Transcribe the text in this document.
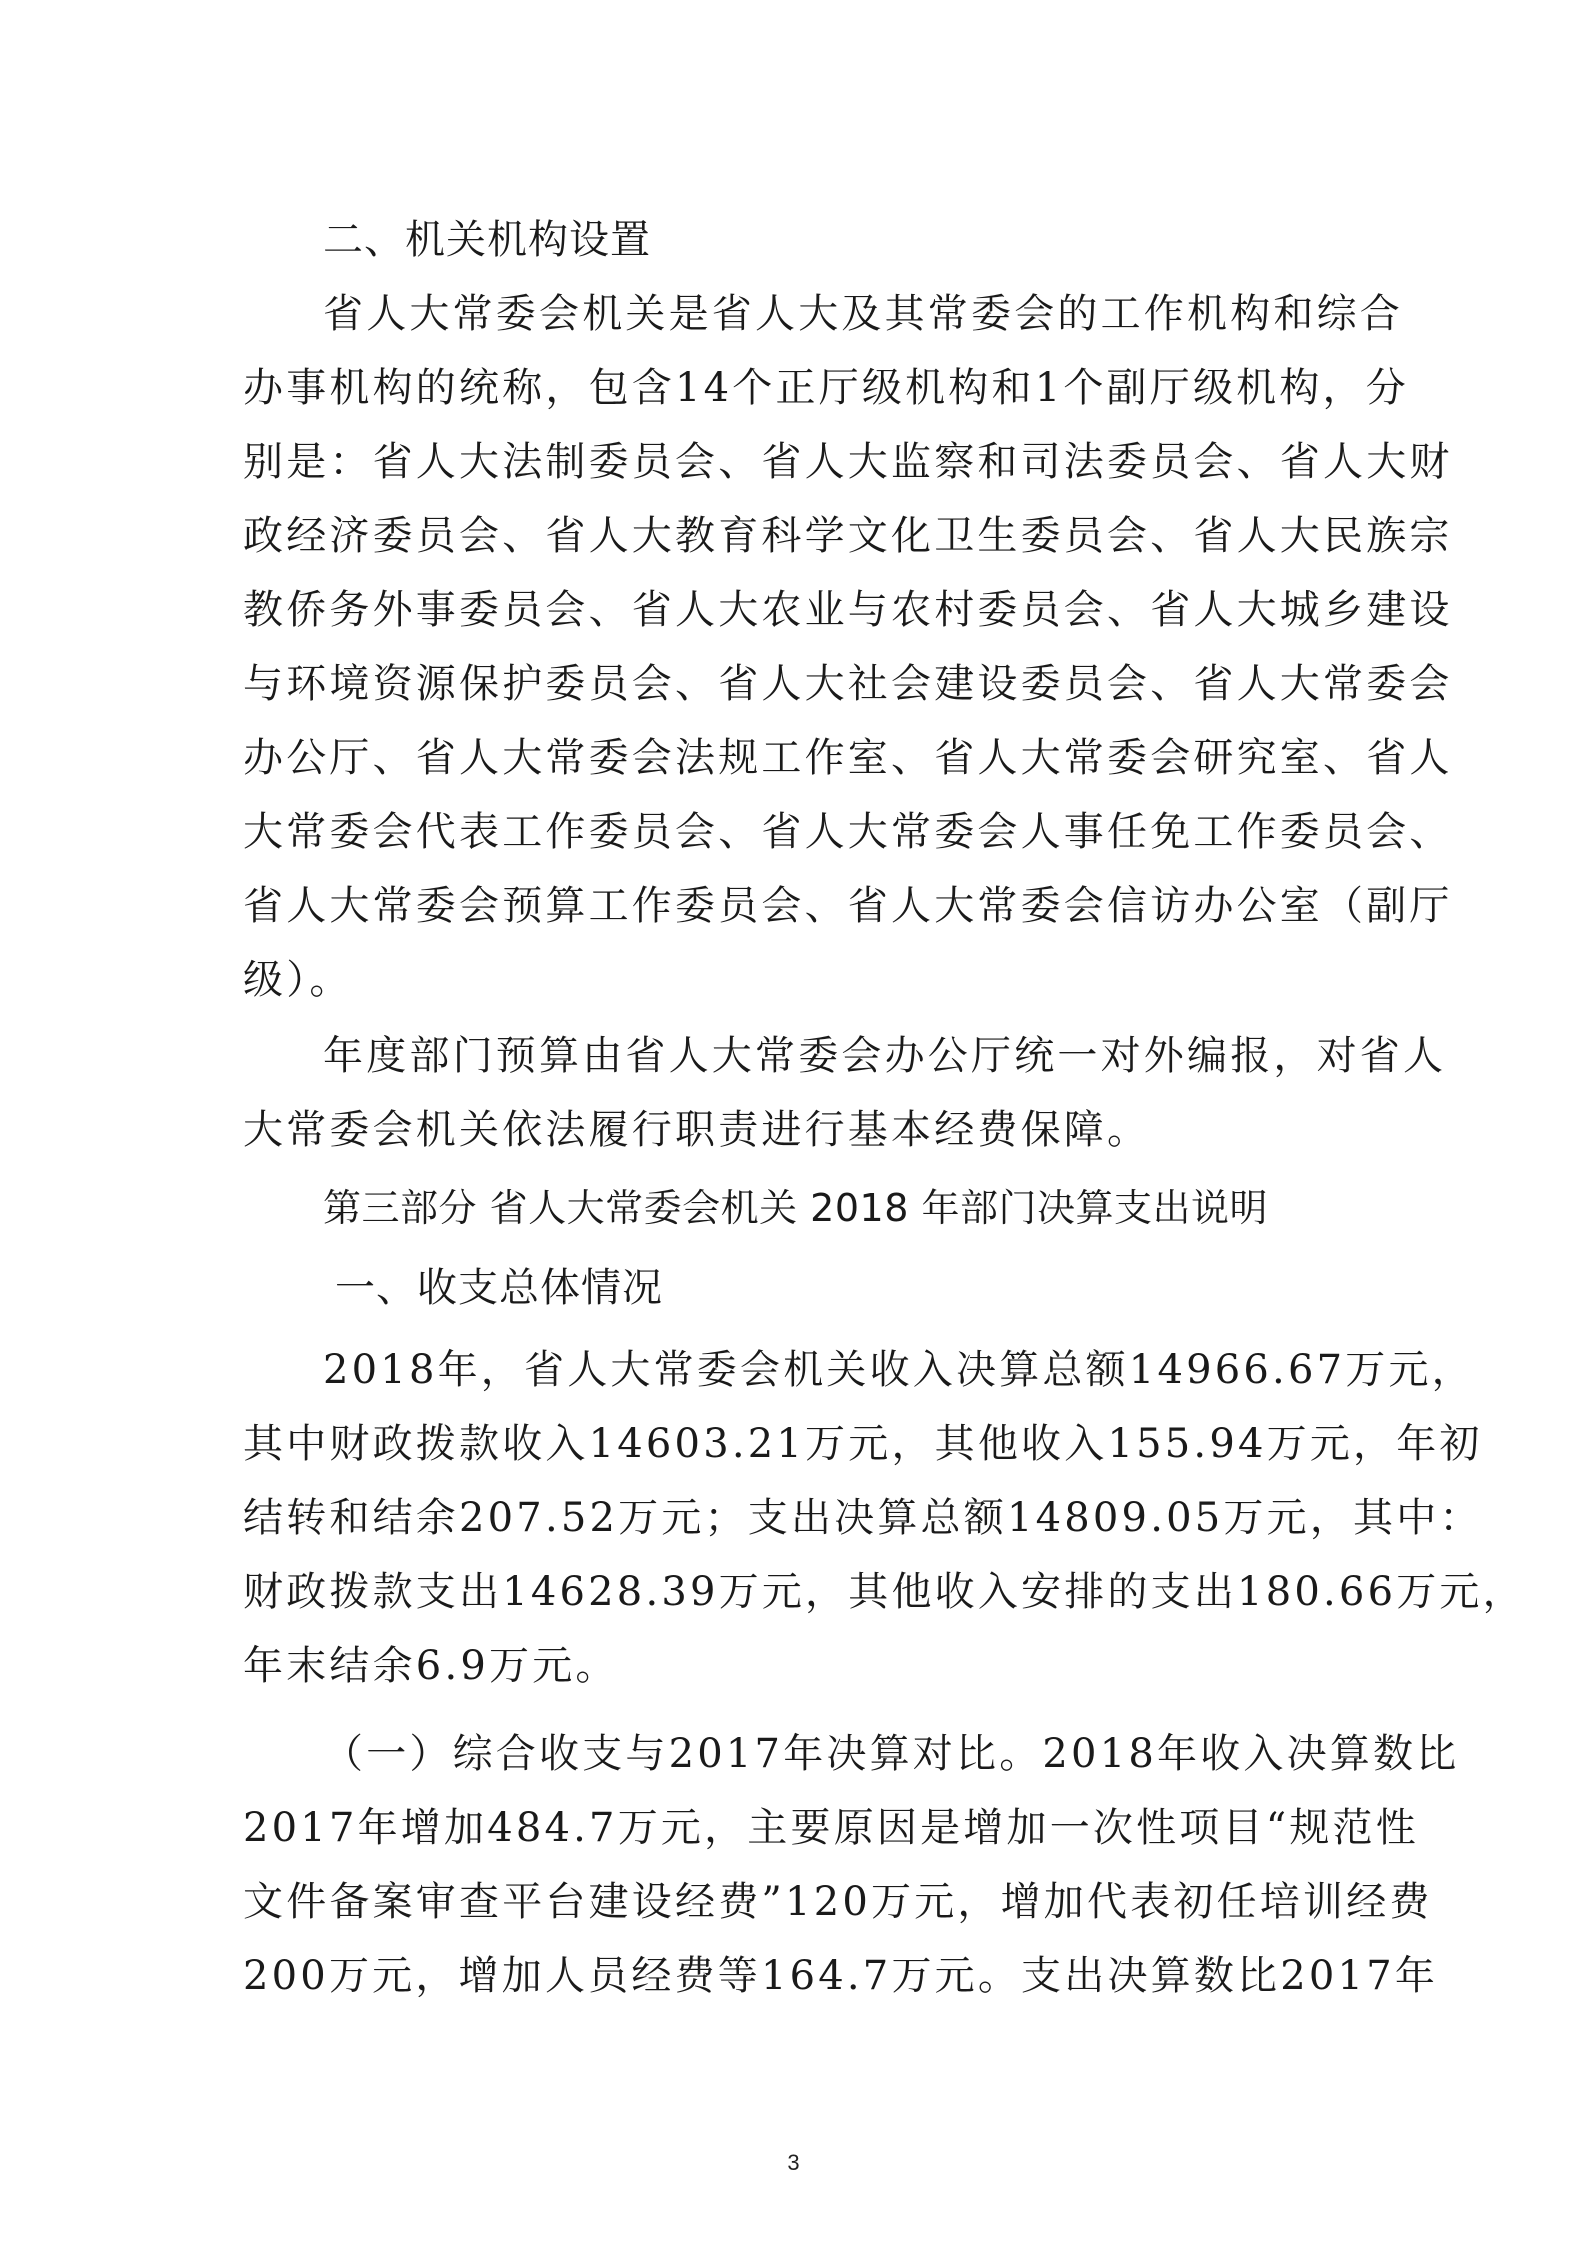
二、机关机构设置
省人大常委会机关是省人大及其常委会的工作机构和综合
办事机构的统称，包含14个正厅级机构和1个副厅级机构，分
别是：省人大法制委员会、省人大监察和司法委员会、省人大财
政经济委员会、省人大教育科学文化卫生委员会、省人大民族宗
教侨务外事委员会、省人大农业与农村委员会、省人大城乡建设
与环境资源保护委员会、省人大社会建设委员会、省人大常委会
办公厅、省人大常委会法规工作室、省人大常委会研究室、省人
大常委会代表工作委员会、省人大常委会人事任免工作委员会、
省人大常委会预算工作委员会、省人大常委会信访办公室（副厅
级）。
年度部门预算由省人大常委会办公厅统一对外编报，对省人
大常委会机关依法履行职责进行基本经费保障。
第三部分 省人大常委会机关 2018 年部门决算支出说明
一、收支总体情况
2018年，省人大常委会机关收入决算总额14966.67万元，
其中财政拨款收入14603.21万元，其他收入155.94万元，年初
结转和结余207.52万元；支出决算总额14809.05万元，其中：
财政拨款支出14628.39万元，其他收入安排的支出180.66万元，
年末结余6.9万元。
（一）综合收支与2017年决算对比。2018年收入决算数比
2017年增加484.7万元，主要原因是增加一次性项目“规范性
文件备案审查平台建设经费”120万元，增加代表初任培训经费
200万元，增加人员经费等164.7万元。支出决算数比2017年
3
